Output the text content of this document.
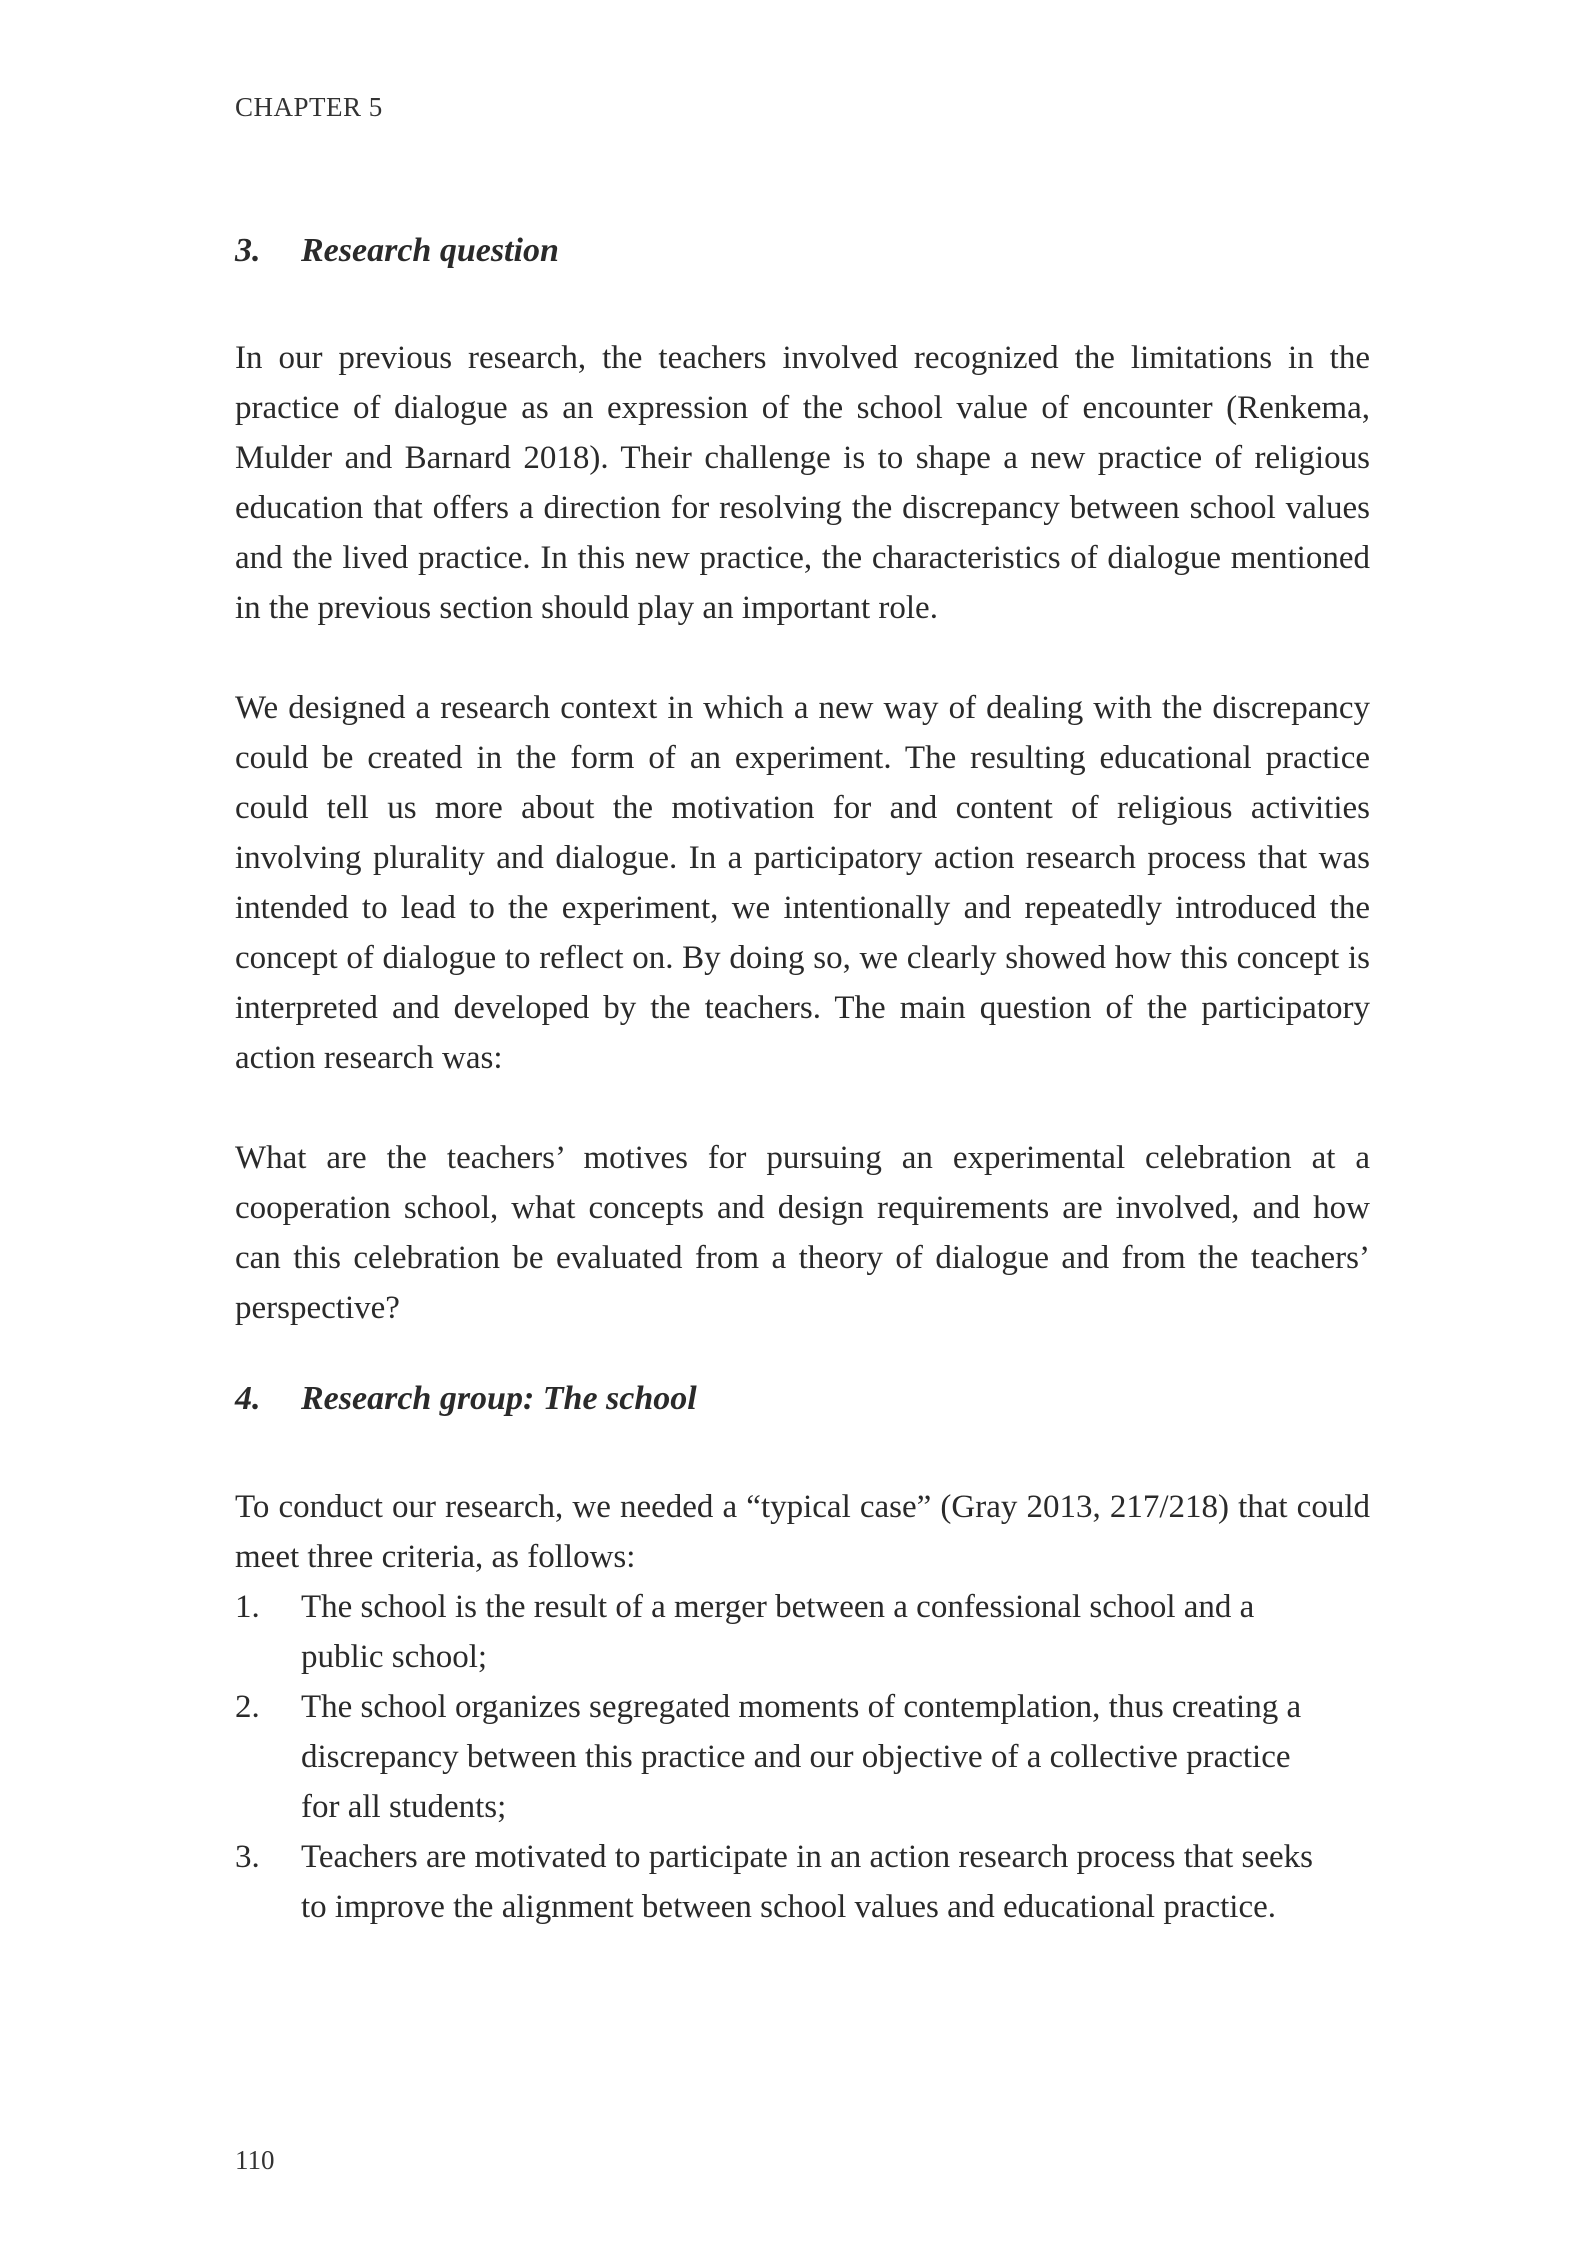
CHAPTER 5
3. Research question

In our previous research, the teachers involved recognized the limitations in the practice of dialogue as an expression of the school value of encounter (Renkema, Mulder and Barnard 2018). Their challenge is to shape a new practice of religious education that offers a direction for resolving the discrepancy between school values and the lived practice. In this new practice, the characteristics of dialogue mentioned in the previous section should play an important role.

We designed a research context in which a new way of dealing with the discrepancy could be created in the form of an experiment. The resulting educational practice could tell us more about the motivation for and content of religious activities involving plurality and dialogue. In a participatory action research process that was intended to lead to the experiment, we intentionally and repeatedly introduced the concept of dialogue to reflect on. By doing so, we clearly showed how this concept is interpreted and developed by the teachers. The main question of the participatory action research was:

What are the teachers’ motives for pursuing an experimental celebration at a cooperation school, what concepts and design requirements are involved, and how can this celebration be evaluated from a theory of dialogue and from the teachers’ perspective?

4. Research group: The school

To conduct our research, we needed a “typical case” (Gray 2013, 217/218) that could meet three criteria, as follows:

1.	The school is the result of a merger between a confessional school and a public school;
2.	The school organizes segregated moments of contemplation, thus creating a discrepancy between this practice and our objective of a collective practice for all students;
3.	Teachers are motivated to participate in an action research process that seeks to improve the alignment between school values and educational practice.
110
